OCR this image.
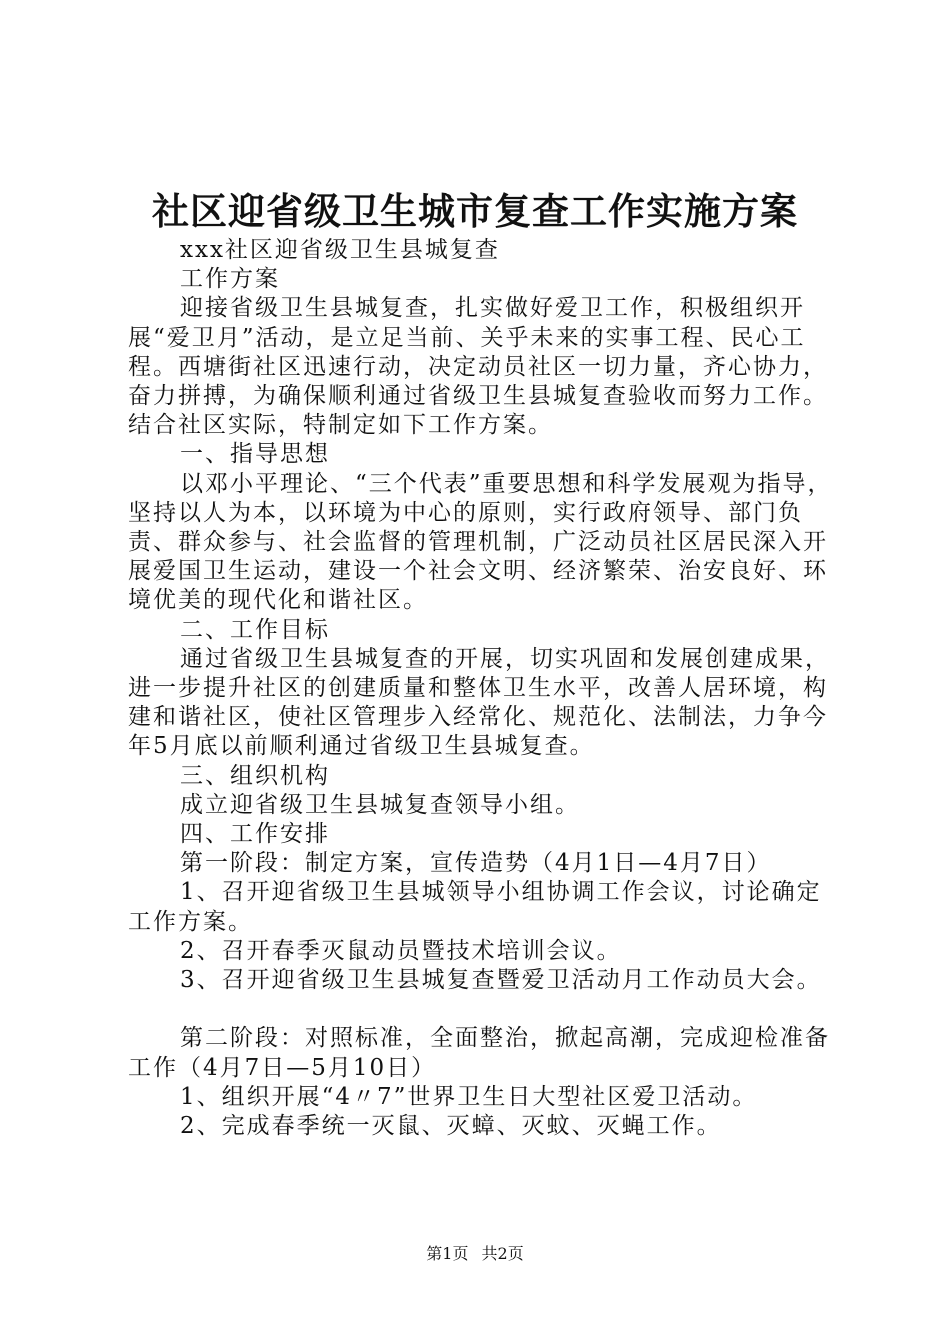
社区迎省级卫生城市复查工作实施方案

xxx社区迎省级卫生县城复查

工作方案

迎接省级卫生县城复查，扎实做好爱卫工作，积极组织开展“爱卫月”活动，是立足当前、关乎未来的实事工程、民心工程。西塘街社区迅速行动，决定动员社区一切力量，齐心协力，奋力拼搏，为确保顺利通过省级卫生县城复查验收而努力工作。结合社区实际，特制定如下工作方案。

一、指导思想

以邓小平理论、“三个代表”重要思想和科学发展观为指导，坚持以人为本，以环境为中心的原则，实行政府领导、部门负责、群众参与、社会监督的管理机制，广泛动员社区居民深入开展爱国卫生运动，建设一个社会文明、经济繁荣、治安良好、环境优美的现代化和谐社区。

二、工作目标

通过省级卫生县城复查的开展，切实巩固和发展创建成果，进一步提升社区的创建质量和整体卫生水平，改善人居环境，构建和谐社区，使社区管理步入经常化、规范化、法制法，力争今年5月底以前顺利通过省级卫生县城复查。

三、组织机构

成立迎省级卫生县城复查领导小组。

四、工作安排

第一阶段：制定方案，宣传造势（4月1日—4月7日）

1、召开迎省级卫生县城领导小组协调工作会议，讨论确定工作方案。

2、召开春季灭鼠动员暨技术培训会议。

3、召开迎省级卫生县城复查暨爱卫活动月工作动员大会。

第二阶段：对照标准，全面整治，掀起高潮，完成迎检准备工作（4月7日—5月10日）

1、组织开展“4〃7”世界卫生日大型社区爱卫活动。

2、完成春季统一灭鼠、灭蟑、灭蚊、灭蝇工作。

第1页 共2页
